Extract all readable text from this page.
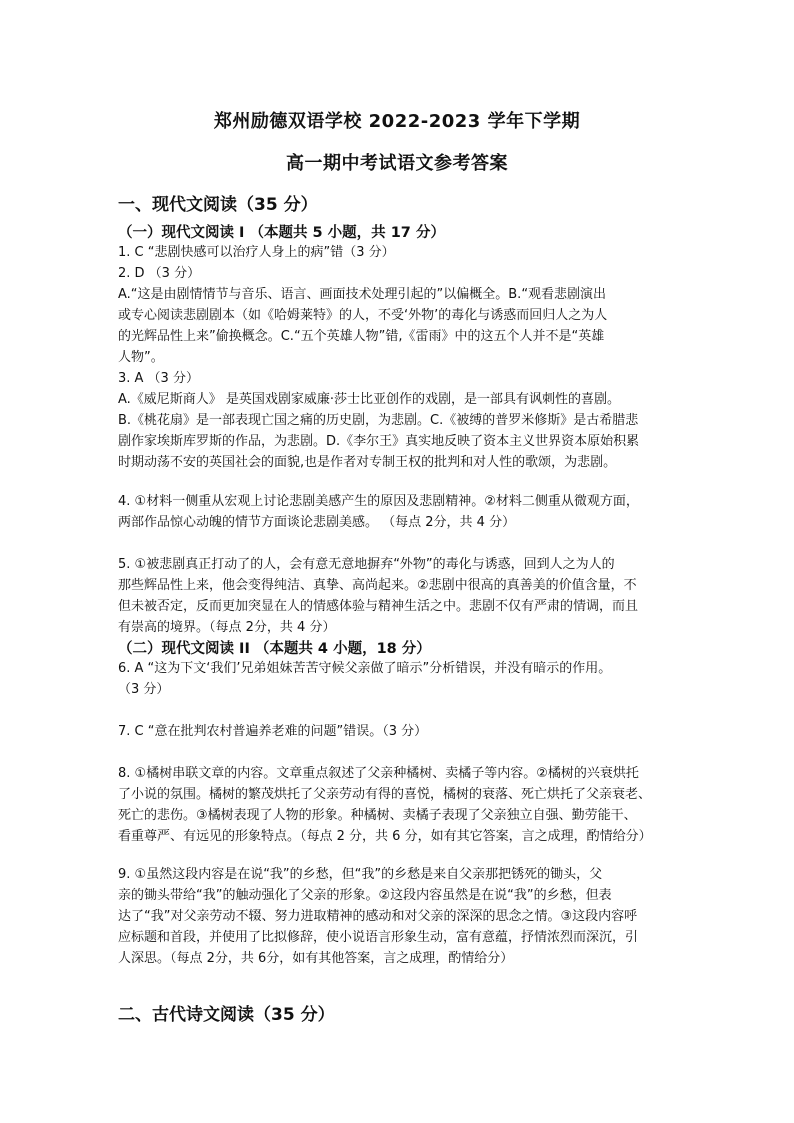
郑州励德双语学校 2022-2023 学年下学期
高一期中考试语文参考答案
一、现代文阅读（35 分）
（一）现代文阅读 I （本题共 5 小题，共 17 分）
1. C “悲剧快感可以治疗人身上的病”错（3 分）
2. D （3 分）
A.“这是由剧情情节与音乐、语言、画面技术处理引起的”以偏概全。B.“观看悲剧演出
或专心阅读悲剧剧本（如《哈姆莱特》的人，不受‘外物’的毒化与诱惑而回归人之为人
的光辉品性上来”偷换概念。C.“五个英雄人物”错,《雷雨》中的这五个人并不是“英雄
人物”。
3. A （3 分）
A.《威尼斯商人》 是英国戏剧家威廉·莎士比亚创作的戏剧，是一部具有讽刺性的喜剧。
B.《桃花扇》是一部表现亡国之痛的历史剧，为悲剧。C.《被缚的普罗米修斯》是古希腊悲
剧作家埃斯库罗斯的作品，为悲剧。D.《李尔王》真实地反映了资本主义世界资本原始积累
时期动荡不安的英国社会的面貌,也是作者对专制王权的批判和对人性的歌颂，为悲剧。
4. ①材料一侧重从宏观上讨论悲剧美感产生的原因及悲剧精神。②材料二侧重从微观方面，
两部作品惊心动魄的情节方面谈论悲剧美感。 （每点 2分，共 4 分）
5. ①被悲剧真正打动了的人，会有意无意地摒弃“外物”的毒化与诱惑，回到人之为人的
那些辉品性上来，他会变得纯洁、真挚、高尚起来。②悲剧中很高的真善美的价值含量，不
但未被否定，反而更加突显在人的情感体验与精神生活之中。悲剧不仅有严肃的情调，而且
有崇高的境界。（每点 2分，共 4 分）
（二）现代文阅读 II （本题共 4 小题，18 分）
6. A “这为下文‘我们’兄弟姐妹苦苦守候父亲做了暗示”分析错误，并没有暗示的作用。
（3 分）
7. C “意在批判农村普遍养老难的问题”错误。（3 分）
8. ①橘树串联文章的内容。文章重点叙述了父亲种橘树、卖橘子等内容。②橘树的兴衰烘托
了小说的氛围。橘树的繁茂烘托了父亲劳动有得的喜悦，橘树的衰落、死亡烘托了父亲衰老、
死亡的悲伤。③橘树表现了人物的形象。种橘树、卖橘子表现了父亲独立自强、勤劳能干、
看重尊严、有远见的形象特点。（每点 2 分，共 6 分，如有其它答案，言之成理，酌情给分）
9. ①虽然这段内容是在说“我”的乡愁，但“我”的乡愁是来自父亲那把锈死的锄头，父
亲的锄头带给“我”的触动强化了父亲的形象。②这段内容虽然是在说“我”的乡愁，但表
达了“我”对父亲劳动不辍、努力进取精神的感动和对父亲的深深的思念之情。③这段内容呼
应标题和首段，并使用了比拟修辞，使小说语言形象生动，富有意蕴，抒情浓烈而深沉，引
人深思。（每点 2分，共 6分，如有其他答案，言之成理，酌情给分）
二、古代诗文阅读（35 分）
